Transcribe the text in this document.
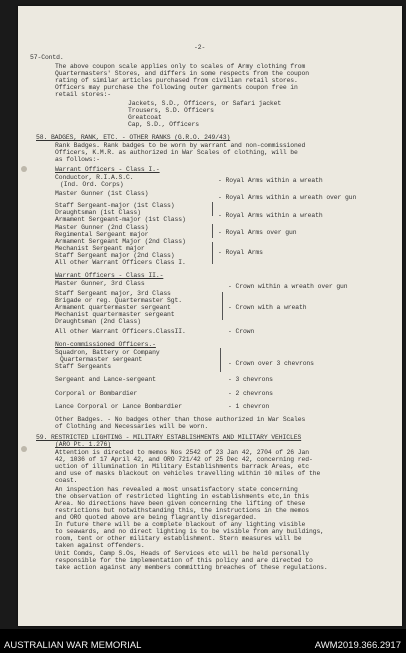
-2-
57-Contd.
The above coupon scale applies only to scales of Army clothing from
Quartermasters' Stores, and differs in some respects from the coupon
rating of similar articles purchased from civilian retail stores.
Officers may purchase the following outer garments coupon free in
retail stores:-
Jackets, S.D., Officers, or Safari jacket
Trousers, S.D. Officers
Greatcoat
Cap, S.D., Officers
58. BADGES, RANK, ETC. - OTHER RANKS (G.R.O. 249/43)
Rank Badges. Rank badges to be worn by warrant and non-commissioned
Officers, K.M.R. as authorized in War Scales of clothing, will be
as follows:-
Warrant Officers - Class I.-
Conductor, R.I.A.S.C.
(Ind. Ord. Corps)
Master Gunner (1st Class)
Staff Sergeant-major (1st Class)
Draughtsman (1st Class)
Armament Sergeant-major (1st Class)
Master Gunner (2nd Class)
Regimental Sergeant major
Armament Sergeant Major (2nd Class)
Mechanist Sergeant major
Staff Sergeant major (2nd Class)
All other Warrant Officers Class I.
- Royal Arms within a wreath
- Royal Arms within a wreath over gun
- Royal Arms within a wreath
- Royal Arms over gun
- Royal Arms
Warrant Officers - Class II.-
Master Gunner, 3rd Class
Staff Sergeant major, 3rd Class
Brigade or reg. Quartermaster Sgt.
Armament quartermaster sergeant
Mechanist quartermaster sergeant
Draughtsman (2nd Class)
All other Warrant Officers.ClassII.
- Crown within a wreath over gun
- Crown with a wreath
- Crown
Non-commissioned Officers.-
Squadron, Battery or Company
Quartermaster sergeant
Staff Sergeants
Sergeant and Lance-sergeant
Corporal or Bombardier
Lance Corporal or Lance Bombardier
- Crown over 3 chevrons
- 3 chevrons
- 2 chevrons
- 1 chevron
Other Badges. - No badges other than those authorized in War Scales
of Clothing and Necessaries will be worn.
59. RESTRICTED LIGHTING - MILITARY ESTABLISHMENTS AND MILITARY VEHICLES
(ARO Pt. 1.276)
Attention is directed to memos Nos 2542 of 23 Jan 42, 2704 of 26 Jan
42, 1036 of 17 April 42, and ORO 721/42 of 25 Dec 42, concerning red-
uction of illumination in Military Establishments barrack Areas, etc
and use of masks blackout on vehicles travelling within 10 miles of the
coast.
An inspection has revealed a most unsatisfactory state concerning
the observation of restricted lighting in establishments etc,in this
Area. No directions have been given concerning the lifting of these
restrictions but notwithstanding this, the instructions in the memos
and ORO quoted above are being flagrantly disregarded.
In future there will be a complete blackout of any lighting visible
to seawards, and no direct lighting is to be visible from any buildings,
room, tent or other military establishment. Stern measures will be
taken against offenders.
Unit Comds, Camp S.Os, Heads of Services etc will be held personally
responsible for the implementation of this policy and are directed to
take action against any members committing breaches of these regulations.
AUSTRALIAN WAR MEMORIAL	AWM2019.366.2917
